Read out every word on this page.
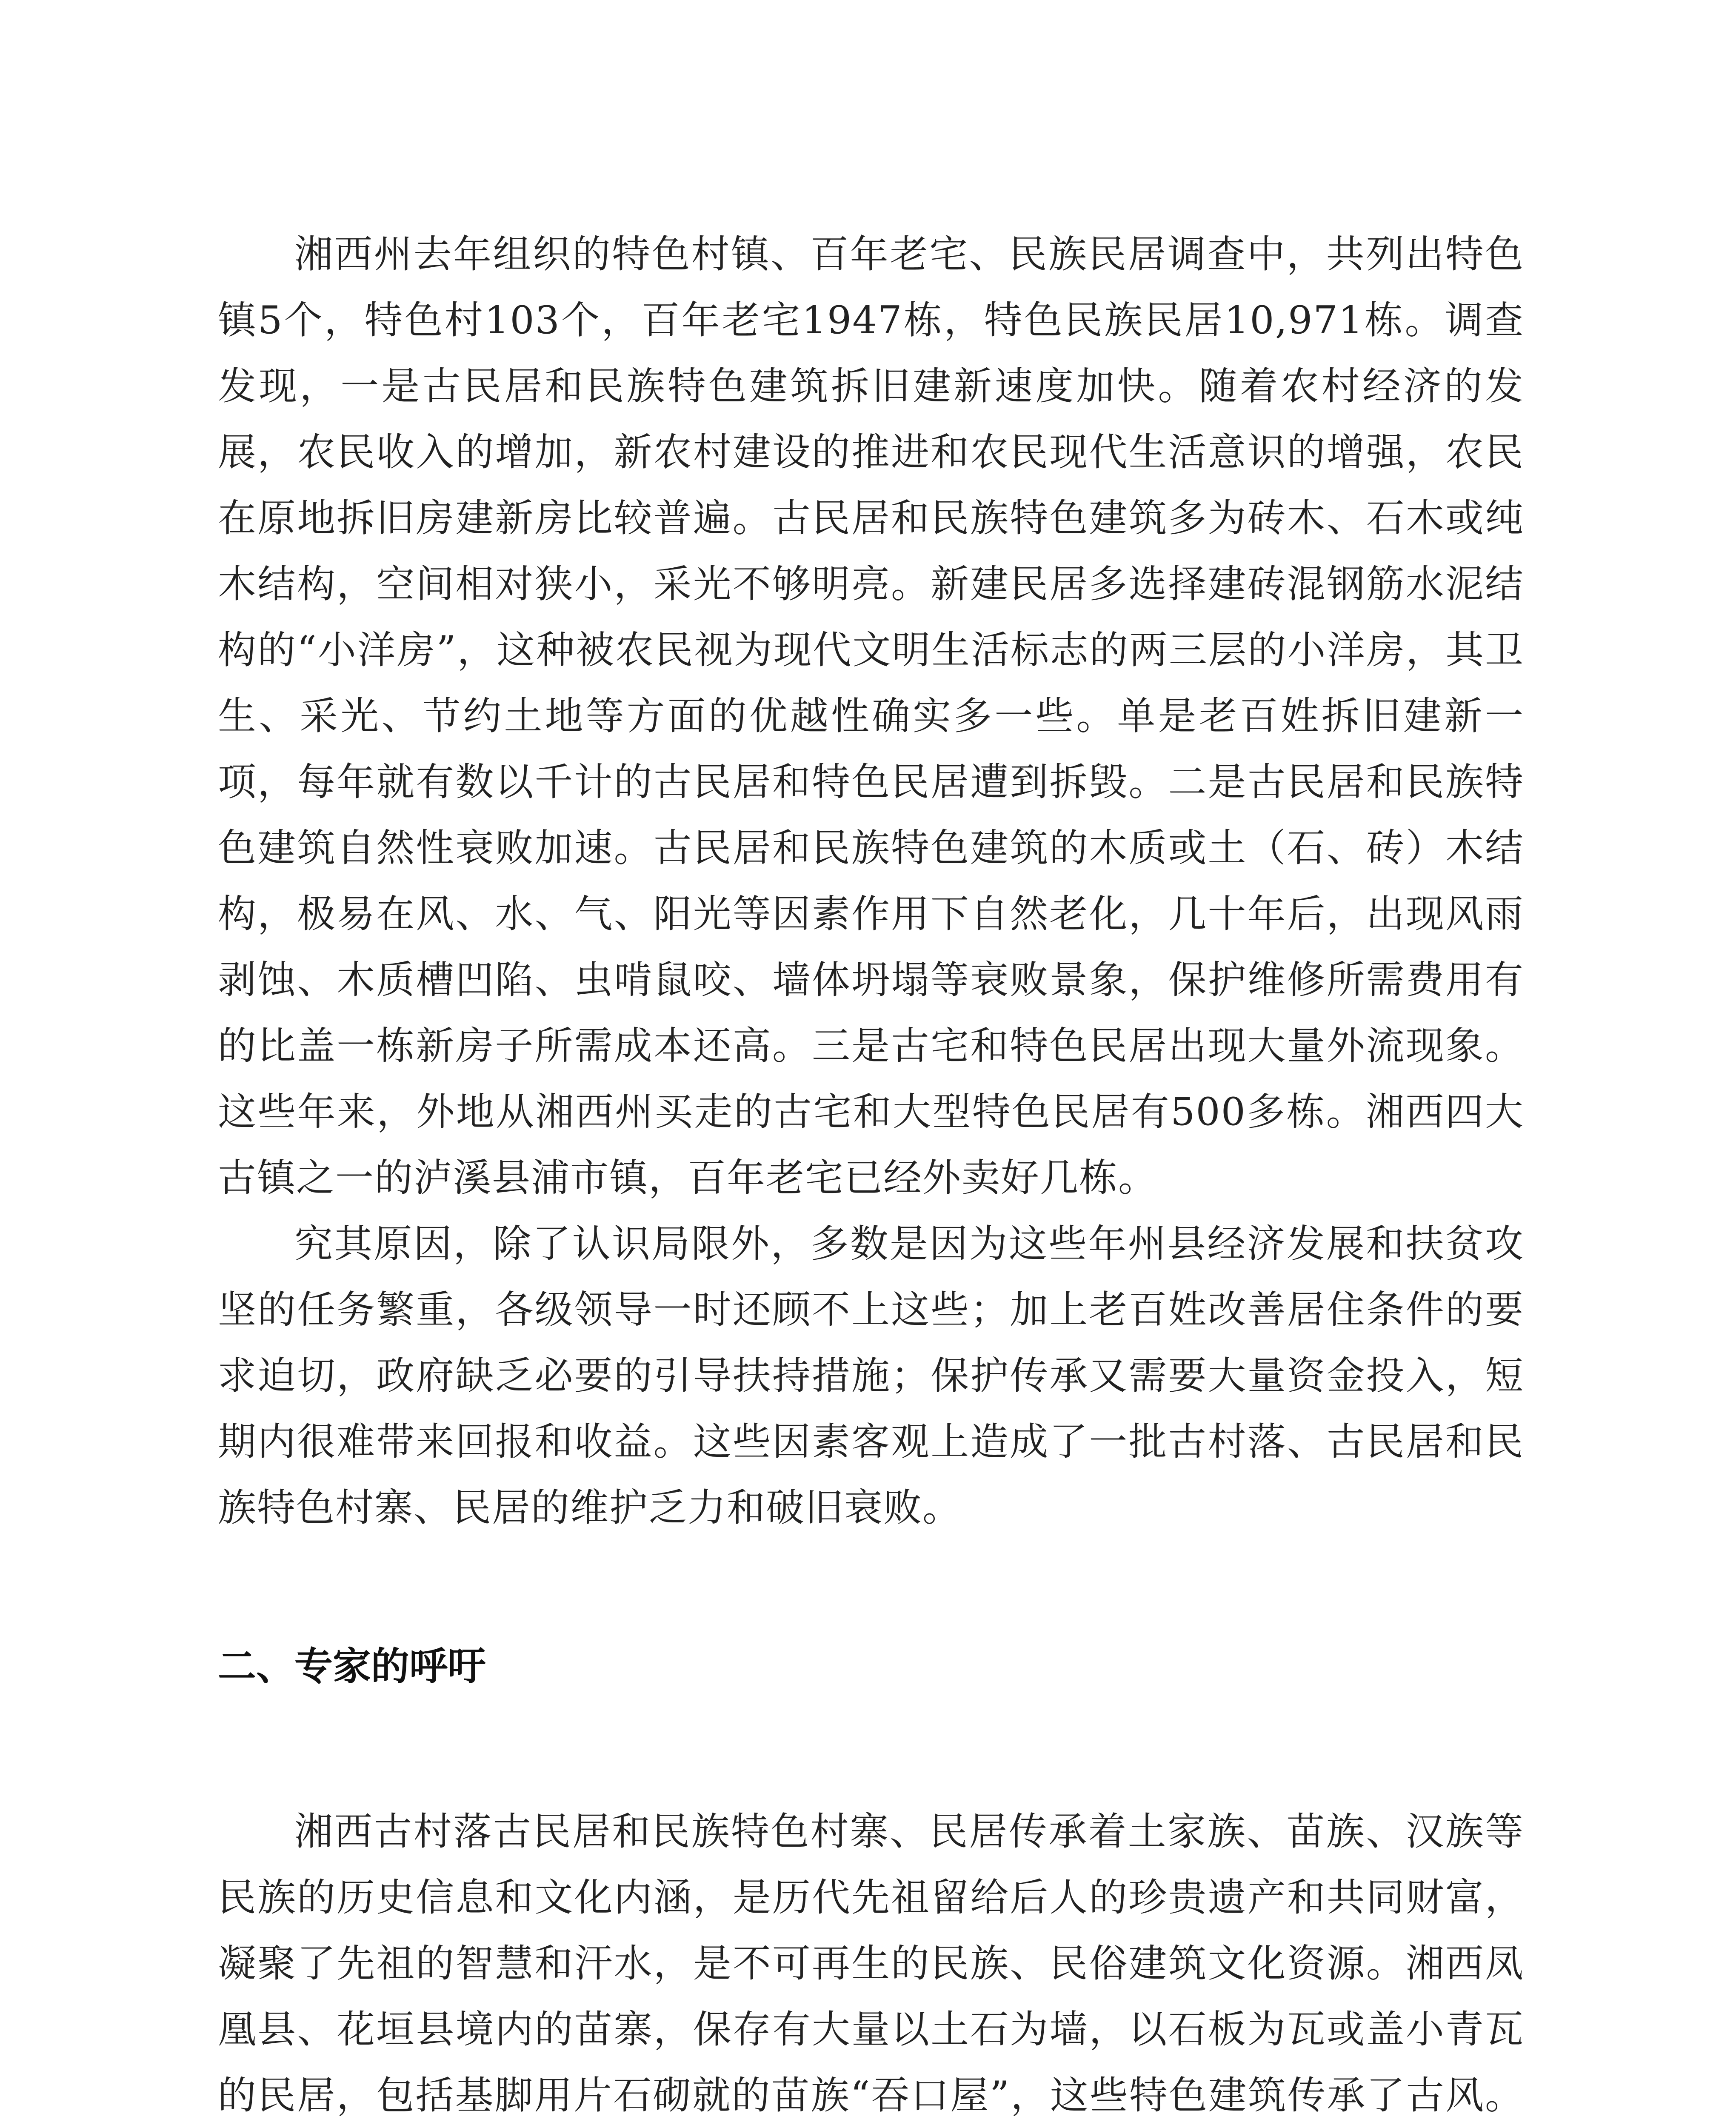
湘西州去年组织的特色村镇、百年老宅、民族民居调查中，共列出特色镇5个，特色村103个，百年老宅1947栋，特色民族民居10,971栋。调查发现，一是古民居和民族特色建筑拆旧建新速度加快。随着农村经济的发展，农民收入的增加，新农村建设的推进和农民现代生活意识的增强，农民在原地拆旧房建新房比较普遍。古民居和民族特色建筑多为砖木、石木或纯木结构，空间相对狭小，采光不够明亮。新建民居多选择建砖混钢筋水泥结构的“小洋房”，这种被农民视为现代文明生活标志的两三层的小洋房，其卫生、采光、节约土地等方面的优越性确实多一些。单是老百姓拆旧建新一项，每年就有数以千计的古民居和特色民居遭到拆毁。二是古民居和民族特色建筑自然性衰败加速。古民居和民族特色建筑的木质或土（石、砖）木结构，极易在风、水、气、阳光等因素作用下自然老化，几十年后，出现风雨剥蚀、木质槽凹陷、虫啃鼠咬、墙体坍塌等衰败景象，保护维修所需费用有的比盖一栋新房子所需成本还高。三是古宅和特色民居出现大量外流现象。这些年来，外地从湘西州买走的古宅和大型特色民居有500多栋。湘西四大古镇之一的泸溪县浦市镇，百年老宅已经外卖好几栋。

究其原因，除了认识局限外，多数是因为这些年州县经济发展和扶贫攻坚的任务繁重，各级领导一时还顾不上这些；加上老百姓改善居住条件的要求迫切，政府缺乏必要的引导扶持措施；保护传承又需要大量资金投入，短期内很难带来回报和收益。这些因素客观上造成了一批古村落、古民居和民族特色村寨、民居的维护乏力和破旧衰败。

二、专家的呼吁

湘西古村落古民居和民族特色村寨、民居传承着土家族、苗族、汉族等民族的历史信息和文化内涵，是历代先祖留给后人的珍贵遗产和共同财富，凝聚了先祖的智慧和汗水，是不可再生的民族、民俗建筑文化资源。湘西凤凰县、花垣县境内的苗寨，保存有大量以土石为墙，以石板为瓦或盖小青瓦的民居，包括基脚用片石砌就的苗族“吞口屋”，这些特色建筑传承了古风。
